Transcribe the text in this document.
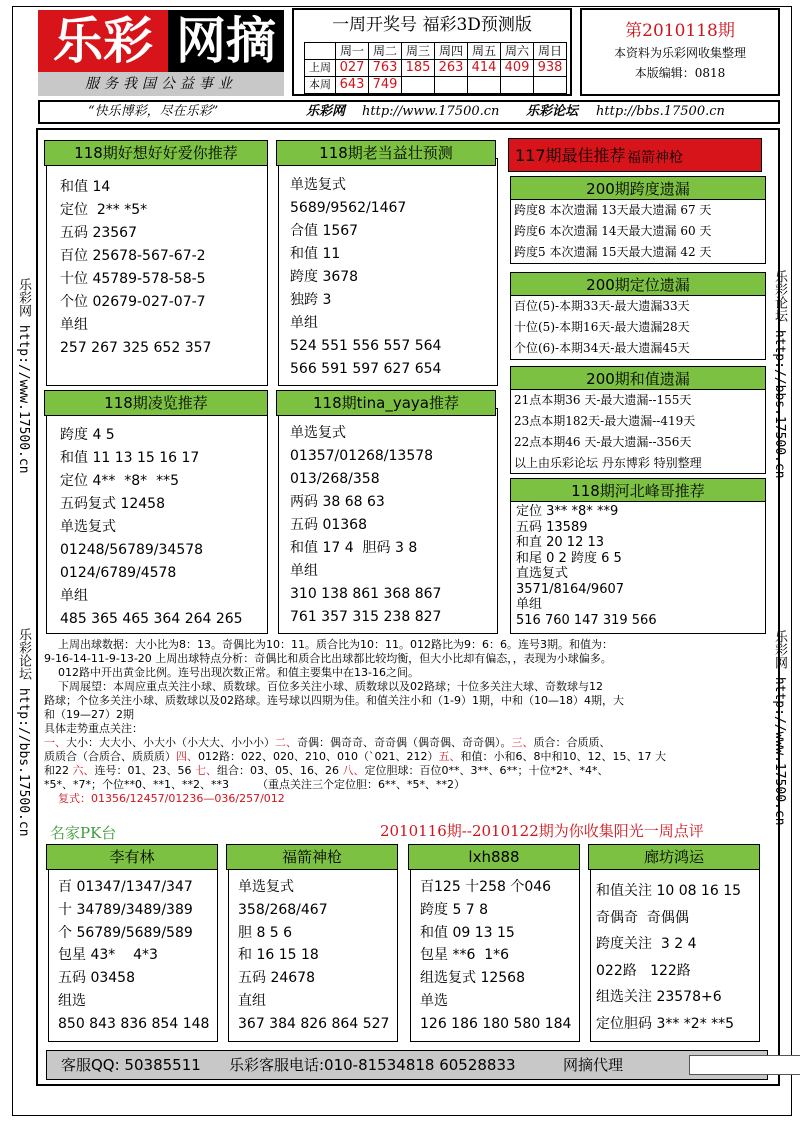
乐彩 网摘
服务我国公益事业
一周开奖号 福彩3D预测版
	周一	周二	周三	周四	周五	周六	周日
上周	027	763	185	263	414	409	938
本周	643	749					
第2010118期
本资料为乐彩网收集整理
本版编辑：0818
“快乐博彩，尽在乐彩”	乐彩网 http://www.17500.cn 乐彩论坛 http://bbs.17500.cn
乐彩网 http://www.17500.cn
乐彩论坛 http://bbs.17500.cn
乐彩论坛 http://bbs.17500.cn
乐彩网 http://www.17500.cn
118期好想好好爱你推荐
和值 14
定位  2** *5*
五码 23567
百位 25678-567-67-2
十位 45789-578-58-5
个位 02679-027-07-7
单组
257 267 325 652 357
118期老当益壮预测
单选复式
5689/9562/1467
合值 1567
和值 11
跨度 3678
独跨 3
单组
524 551 556 557 564
566 591 597 627 654
118期凌览推荐
跨度 4 5
和值 11 13 15 16 17
定位 4**  *8*  **5
五码复式 12458
单选复式
01248/56789/34578
0124/6789/4578
单组
485 365 465 364 264 265
118期tina_yaya推荐
单选复式
01357/01268/13578
013/268/358
两码 38 68 63
五码 01368
和值 17 4  胆码 3 8
单组
310 138 861 368 867
761 357 315 238 827
117期最佳推荐 福箭神枪
200期跨度遗漏
跨度8 本次遗漏 13天最大遗漏 67 天
跨度6 本次遗漏 14天最大遗漏 60 天
跨度5 本次遗漏 15天最大遗漏 42 天
200期定位遗漏
百位(5)-本期33天-最大遗漏33天
十位(5)-本期16天-最大遗漏28天
个位(6)-本期34天-最大遗漏45天
200期和值遗漏
21点本期36 天-最大遗漏--155天
23点本期182天-最大遗漏--419天
22点本期46 天-最大遗漏--356天
以上由乐彩论坛 丹东博彩 特别整理
118期河北峰哥推荐
定位 3** *8* **9
五码 13589
和直 20 12 13
和尾 0 2 跨度 6 5
直选复式
3571/8164/9607
单组
516 760 147 319 566
上周出球数据：大小比为8：13。奇偶比为10：11。质合比为10：11。012路比为9：6：6。连号3期。和值为：
9-16-14-11-9-13-20 上周出球特点分析：奇偶比和质合比出球都比较均衡，但大小比却有偏态，，表现为小球偏多。
012路中开出黄金比例。连号出现次数正常。和值主要集中在13-16之间。
下周展望：本周应重点关注小球、质数球。百位多关注小球、质数球以及02路球；十位多关注大球、奇数球与12
路球；个位多关注小球、质数球以及02路球。连号球以四期为佳。和值关注小和（1-9）1期，中和（10—18）4期，大
和（19—27）2期
具体走势重点关注：
一、大小：大大小、小大小（小大大、小小小）二、奇偶：偶奇奇、奇奇偶（偶奇偶、奇奇偶）。三、质合：合质质、
质质合（合质合、质质质）四、012路：022、020、210、010（`021、212）五、和值：小和6、8中和10、12、15、17 大
和22 六、连号：01、23、56 七、组合：03、05、16、26 八、定位胆球：百位0**、3**、6**；十位*2*、*4*、
*5*、*7*；个位**0、**1、**2、**3        （重点关注三个定位胆：6**、*5*、**2）
复式：01356/12457/01236—036/257/012
名家PK台	2010116期--2010122期为你收集阳光一周点评
李有林
百 01347/1347/347
十 34789/3489/389
个 56789/5689/589
包星 43*    4*3
五码 03458
组选
850 843 836 854 148
福箭神枪
单选复式
358/268/467
胆 8 5 6
和 16 15 18
五码 24678
直组
367 384 826 864 527
lxh888
百125 十258 个046
跨度 5 7 8
和值 09 13 15
包星 **6  1*6
组选复式 12568
单选
126 186 180 580 184
廊坊鸿运
和值关注 10 08 16 15
奇偶奇  奇偶偶
跨度关注  3 2 4
022路   122路
组选关注 23578+6
定位胆码 3** *2* **5
客服QQ: 50385511 乐彩客服电话:010-81534818 60528833	网摘代理
